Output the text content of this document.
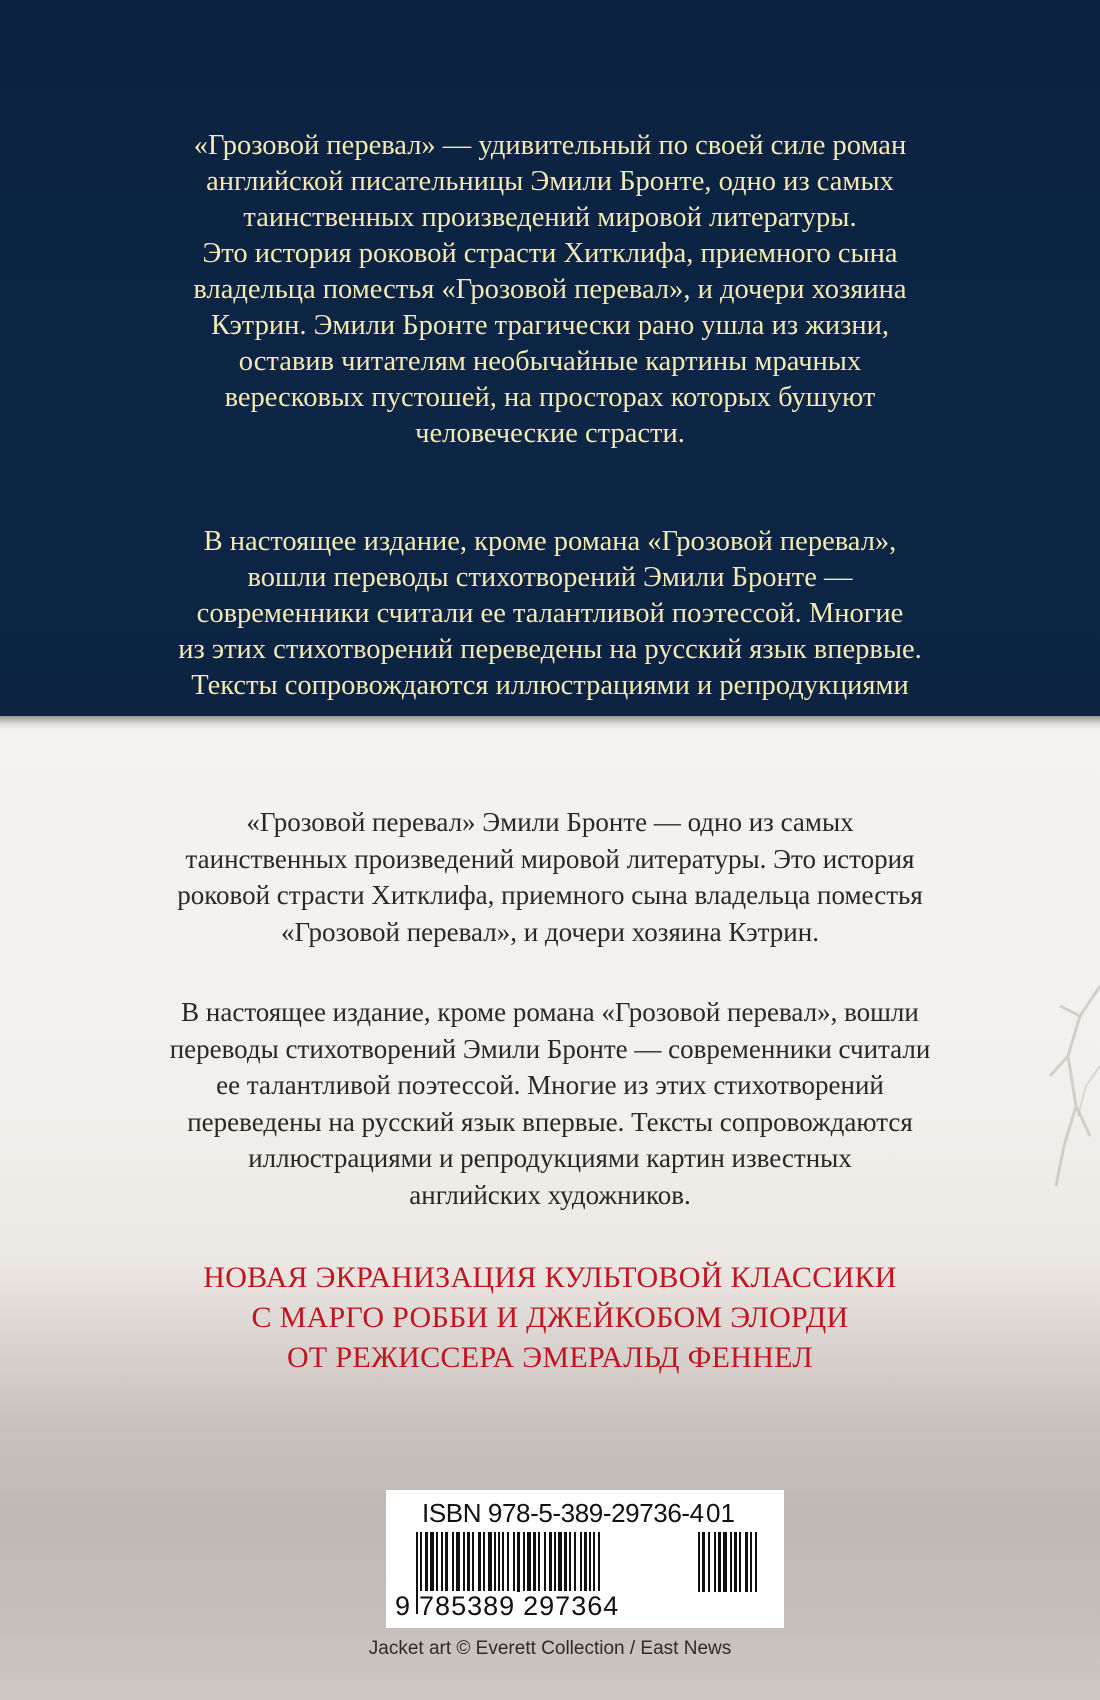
«Грозовой перевал» — удивительный по своей силе роман
английской писательницы Эмили Бронте, одно из самых
таинственных произведений мировой литературы.
Это история роковой страсти Хитклифа, приемного сына
владельца поместья «Грозовой перевал», и дочери хозяина
Кэтрин. Эмили Бронте трагически рано ушла из жизни,
оставив читателям необычайные картины мрачных
вересковых пустошей, на просторах которых бушуют
человеческие страсти.

В настоящее издание, кроме романа «Грозовой перевал»,
вошли переводы стихотворений Эмили Бронте —
современники считали ее талантливой поэтессой. Многие
из этих стихотворений переведены на русский язык впервые.
Тексты сопровождаются иллюстрациями и репродукциями

«Грозовой перевал» Эмили Бронте — одно из самых
таинственных произведений мировой литературы. Это история
роковой страсти Хитклифа, приемного сына владельца поместья
«Грозовой перевал», и дочери хозяина Кэтрин.

В настоящее издание, кроме романа «Грозовой перевал», вошли
переводы стихотворений Эмили Бронте — современники считали
ее талантливой поэтессой. Многие из этих стихотворений
переведены на русский язык впервые. Тексты сопровождаются
иллюстрациями и репродукциями картин известных
английских художников.

НОВАЯ ЭКРАНИЗАЦИЯ КУЛЬТОВОЙ КЛАССИКИ
С МАРГО РОББИ И ДЖЕЙКОБОМ ЭЛОРДИ
ОТ РЕЖИССЕРА ЭМЕРАЛЬД ФЕННЕЛ

ISBN 978-5-389-29736-4 01
9 785389 297364
Jacket art © Everett Collection / East News
